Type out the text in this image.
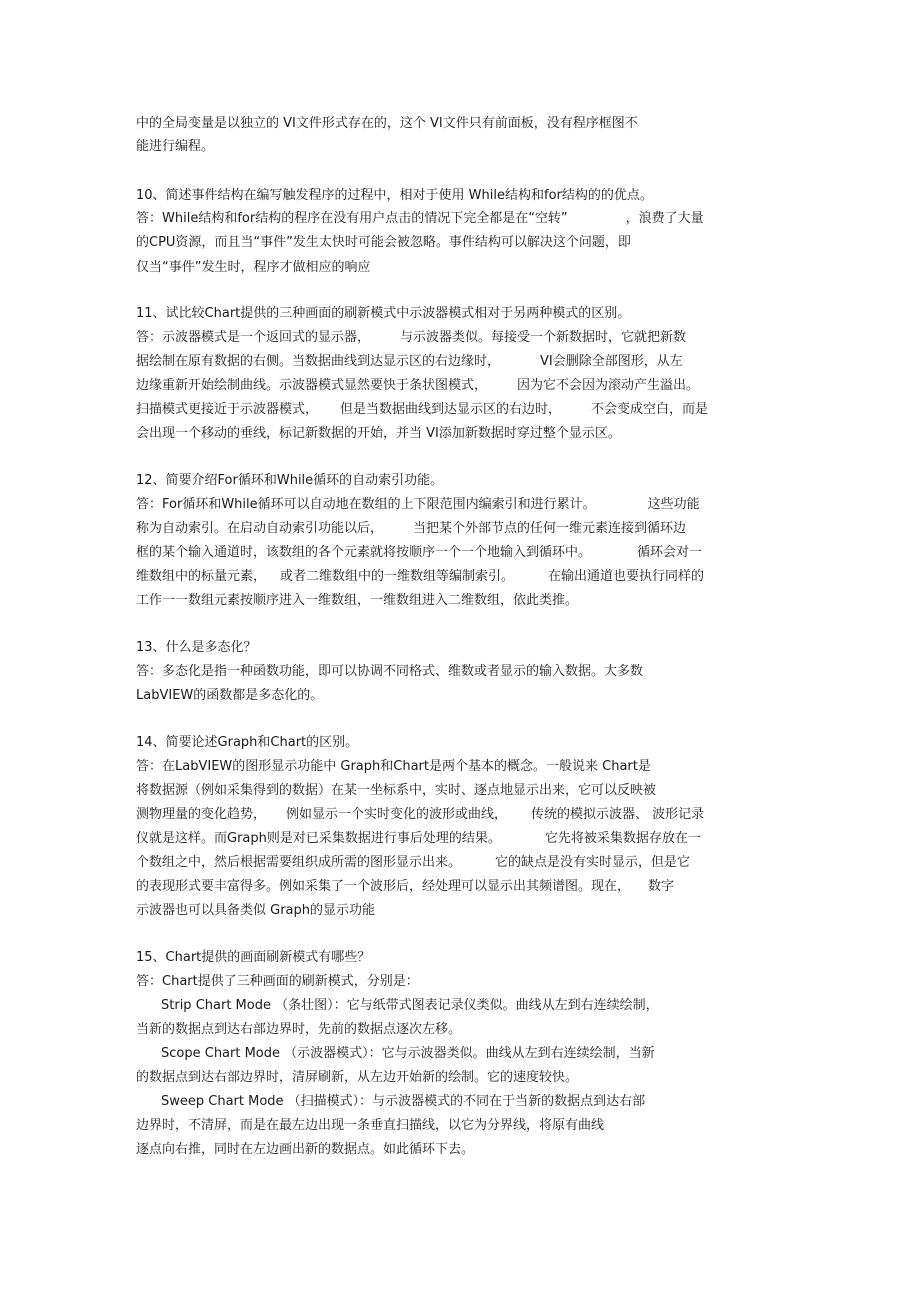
中的全局变量是以独立的 VI文件形式存在的，这个 VI文件只有前面板，没有程序框图不
能进行编程。
10、简述事件结构在编写触发程序的过程中，相对于使用 While结构和for结构的的优点。
答：While结构和for结构的程序在没有用户点击的情况下完全都是在“空转”	，浪费了大量
的CPU资源，而且当“事件”发生太快时可能会被忽略。事件结构可以解决这个问题，即
仅当“事件”发生时，程序才做相应的响应
11、试比较Chart提供的三种画面的刷新模式中示波器模式相对于另两种模式的区别。
答：示波器模式是一个返回式的显示器， 与示波器类似。每接受一个新数据时，它就把新数
据绘制在原有数据的右侧。当数据曲线到达显示区的右边缘时，	VI会删除全部图形，从左
边缘重新开始绘制曲线。示波器模式显然要快于条状图模式， 因为它不会因为滚动产生溢出。
扫描模式更接近于示波器模式， 但是当数据曲线到达显示区的右边时， 不会变成空白，而是
会出现一个移动的垂线，标记新数据的开始，并当 VI添加新数据时穿过整个显示区。
12、简要介绍For循环和While循环的自动索引功能。
答：For循环和While循环可以自动地在数组的上下限范围内编索引和进行累计。	这些功能
称为自动索引。在启动自动索引功能以后， 当把某个外部节点的任何一维元素连接到循环边
框的某个输入通道时，该数组的各个元素就将按顺序一个一个地输入到循环中。	循环会对一
维数组中的标量元素， 或者二维数组中的一维数组等编制索引。	在输出通道也要执行同样的
工作一一数组元素按顺序进入一维数组，一维数组进入二维数组，依此类推。
13、什么是多态化？
答：多态化是指一种函数功能，即可以协调不同格式、维数或者显示的输入数据。大多数
LabVIEW的函数都是多态化的。
14、简要论述Graph和Chart的区别。
答：在LabVIEW的图形显示功能中 Graph和Chart是两个基本的概念。一般说来 Chart是
将数据源（例如采集得到的数据）在某一坐标系中，实时、逐点地显示出来，它可以反映被
测物理量的变化趋势， 例如显示一个实时变化的波形或曲线， 传统的模拟示波器、 波形记录
仪就是这样。而Graph则是对已采集数据进行事后处理的结果。	它先将被采集数据存放在一
个数组之中，然后根据需要组织成所需的图形显示出来。	它的缺点是没有实时显示，但是它
的表现形式要丰富得多。例如采集了一个波形后，经处理可以显示出其频谱图。现在， 数字
示波器也可以具备类似 Graph的显示功能
15、Chart提供的画面刷新模式有哪些？
答：Chart提供了三种画面的刷新模式，分别是：
Strip Chart Mode （条壮图）：它与纸带式图表记录仪类似。曲线从左到右连续绘制，
当新的数据点到达右部边界时，先前的数据点逐次左移。
Scope Chart Mode （示波器模式）：它与示波器类似。曲线从左到右连续绘制，当新
的数据点到达右部边界时，清屏刷新，从左边开始新的绘制。它的速度较快。
Sweep Chart Mode （扫描模式）：与示波器模式的不同在于当新的数据点到达右部
边界时，不清屏，而是在最左边出现一条垂直扫描线，以它为分界线，将原有曲线
逐点向右推，同时在左边画出新的数据点。如此循环下去。
